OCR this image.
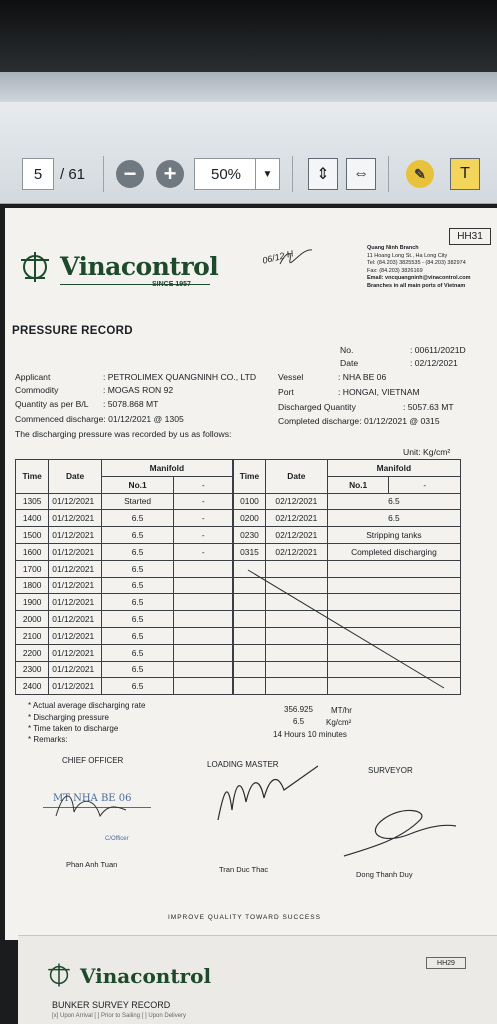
5 / 61	−	+	50%	▼	⇕	⇔	✎	T
HH31
Quang Ninh Branch
11 Hoang Long St., Ha Long City
Tel: (84.203) 3825535 - (84.203) 382974
Fax: (84.203) 3826169
Email: vncquangninh@vinacontrol.com
Branches in all main ports of Vietnam
Vinacontrol
SINCE 1957
06/12 H
PRESSURE RECORD
No.	: 00611/2021D
Date	: 02/12/2021
Applicant	: PETROLIMEX QUANGNINH CO., LTD	Vessel	: NHA BE 06
Commodity	: MOGAS RON 92	Port	: HONGAI, VIETNAM
Quantity as per B/L : 5078.868 MT	Discharged Quantity	: 5057.63 MT
Commenced discharge: 01/12/2021 @ 1305	Completed discharge: 01/12/2021 @ 0315
The discharging pressure was recorded by us as follows:
Unit: Kg/cm²
Time	Date	Manifold	
		No.1	-
1305	01/12/2021	Started	-
1400	01/12/2021	6.5	-
1500	01/12/2021	6.5	-
1600	01/12/2021	6.5	-
1700	01/12/2021	6.5	
1800	01/12/2021	6.5	
1900	01/12/2021	6.5	
2000	01/12/2021	6.5	
2100	01/12/2021	6.5	
2200	01/12/2021	6.5	
2300	01/12/2021	6.5	
2400	01/12/2021	6.5	
Time	Date	Manifold	
		No.1	-
0100	02/12/2021	6.5	
0200	02/12/2021	6.5	
0230	02/12/2021	Stripping tanks	
0315	02/12/2021	Completed discharging	

* Actual average discharging rate	356.925 MT/hr
* Discharging pressure	6.5	Kg/cm²
* Time taken to discharge
14 Hours 10 minutes
* Remarks:
CHIEF OFFICER	LOADING MASTER
SURVEYOR
MT NHA BE 06
C/Officer
Phan Anh Tuan
Tran Duc Thac
Dong Thanh Duy
IMPROVE QUALITY TOWARD SUCCESS
HH29
Vinacontrol
BUNKER SURVEY RECORD
[x] Upon Arrival [ ] Prior to Sailing [ ] Upon Delivery
